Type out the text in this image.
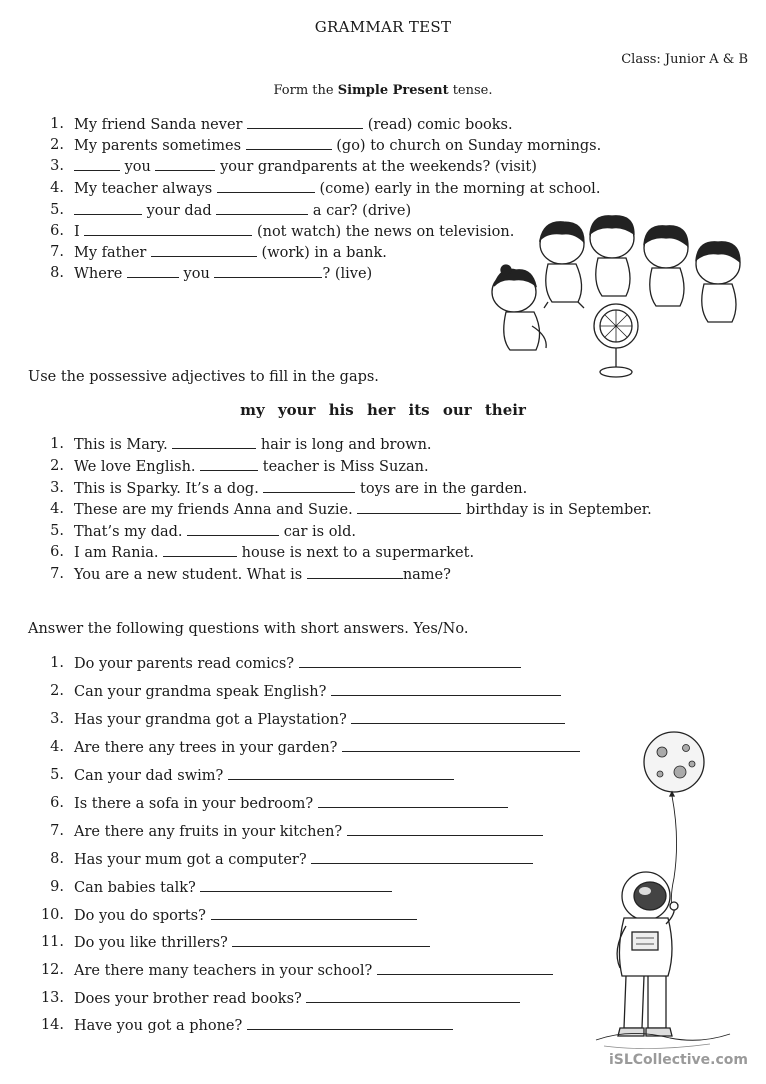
GRAMMAR TEST
Class: Junior A & B
Form the Simple Present tense.
1. My friend Sanda never	(read) comic books.
2. My parents sometimes	(go) to church on Sunday mornings.
3.	you	your grandparents at the weekends? (visit)
4. My teacher always	(come) early in the morning at school.
5.	your dad	a car? (drive)
6. I	(not watch) the news on television.
7. My father	(work) in a bank.
8. Where	you	? (live)
Use the possessive adjectives to fill in the gaps.
my your his her its our their
1. This is Mary.	hair is long and brown.
2. We love English.	teacher is Miss Suzan.
3. This is Sparky. It’s a dog.	toys are in the garden.
4. These are my friends Anna and Suzie.	birthday is in September.
5. That’s my dad.	car is old.
6. I am Rania.	house is next to a supermarket.
7. You are a new student. What is	name?
Answer the following questions with short answers. Yes/No.
1. Do your parents read comics?
2. Can your grandma speak English?
3. Has your grandma got a Playstation?
4. Are there any trees in your garden?
5. Can your dad swim?
6. Is there a sofa in your bedroom?
7. Are there any fruits in your kitchen?
8. Has your mum got a computer?
9. Can babies talk?
10. Do you do sports?
11. Do you like thrillers?
12. Are there many teachers in your school?
13. Does your brother read books?
14. Have you got a phone?
iSLCollective.com
